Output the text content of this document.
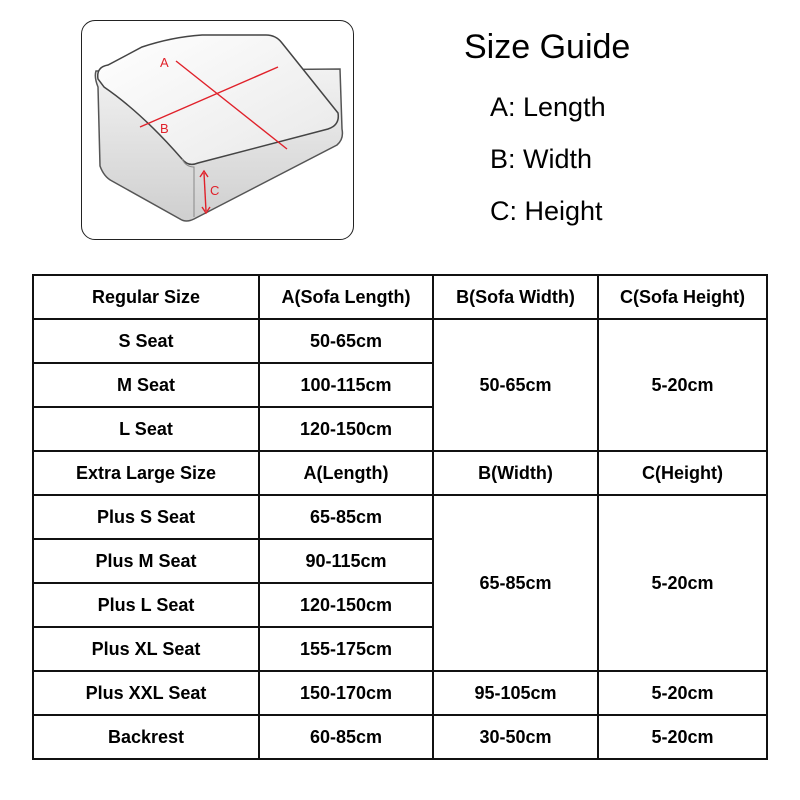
A
B
C
Size Guide
A: Length
B: Width
C: Height
Regular Size	A(Sofa Length)	B(Sofa Width)	C(Sofa Height)
S Seat	50-65cm	50-65cm	5-20cm
M Seat	100-115cm		
L Seat	120-150cm		
Extra Large Size	A(Length)	B(Width)	C(Height)
Plus S Seat	65-85cm	65-85cm	5-20cm
Plus M Seat	90-115cm		
Plus L Seat	120-150cm		
Plus XL Seat	155-175cm		
Plus XXL Seat	150-170cm	95-105cm	5-20cm
Backrest	60-85cm	30-50cm	5-20cm
